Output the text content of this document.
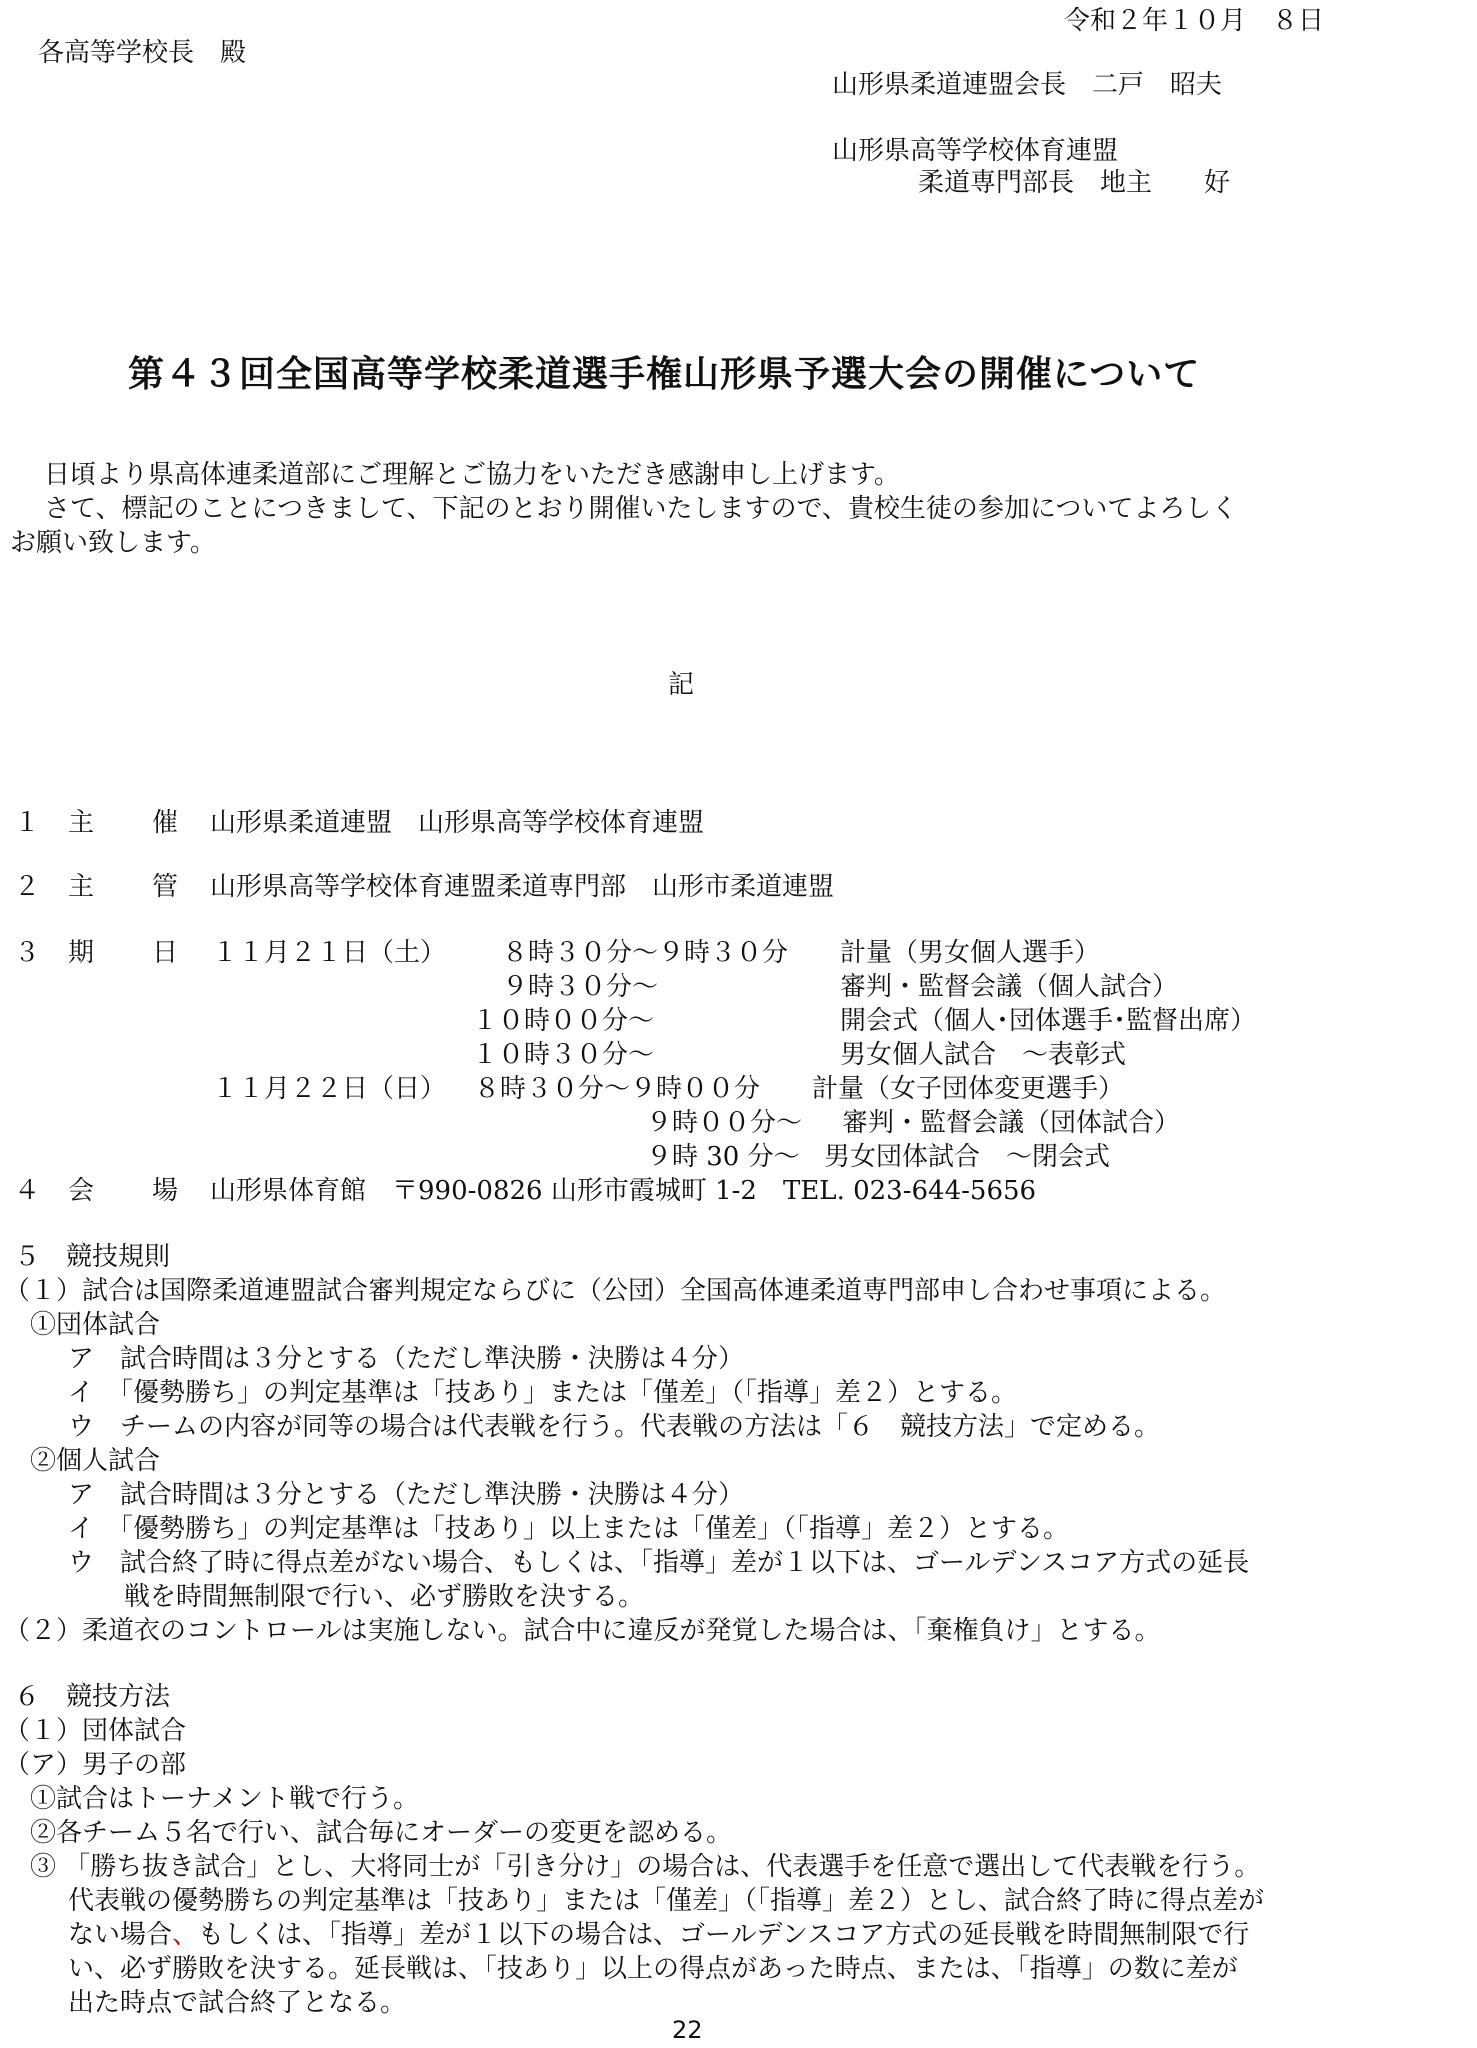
令和２年１０月　８日
各高等学校長　殿
山形県柔道連盟会長　二戸　昭夫
山形県高等学校体育連盟
柔道専門部長　地主　　好
第４３回全国高等学校柔道選手権山形県予選大会の開催について
日頃より県高体連柔道部にご理解とご協力をいただき感謝申し上げます。
さて、標記のことにつきまして、下記のとおり開催いたしますので、貴校生徒の参加についてよろしく
お願い致します。
記
１ 主 催 山形県柔道連盟　山形県高等学校体育連盟
２ 主 管 山形県高等学校体育連盟柔道専門部　山形市柔道連盟
３ 期 日 １１月２１日（土） ８時３０分～９時３０分 計量（男女個人選手）
９時３０分～	審判・監督会議（個人試合）
１０時００分～	開会式（個人･団体選手･監督出席）
１０時３０分～	男女個人試合　～表彰式
１１月２２日（日） ８時３０分～９時００分 計量（女子団体変更選手）
９時００分～ 審判・監督会議（団体試合）
９時 30 分～ 男女団体試合　～閉会式
４ 会 場 山形県体育館　〒990-0826 山形市霞城町 1-2　TEL. 023-644-5656
５　競技規則
（１）試合は国際柔道連盟試合審判規定ならびに（公団）全国高体連柔道専門部申し合わせ事項による。
①団体試合
ア　試合時間は３分とする（ただし準決勝・決勝は４分）
イ　「優勢勝ち」の判定基準は「技あり」または「僅差」（「指導」差２）とする。
ウ　チームの内容が同等の場合は代表戦を行う。代表戦の方法は「６　競技方法」で定める。
②個人試合
ア　試合時間は３分とする（ただし準決勝・決勝は４分）
イ　「優勢勝ち」の判定基準は「技あり」以上または「僅差」（「指導」差２）とする。
ウ　試合終了時に得点差がない場合、もしくは、「指導」差が１以下は、ゴールデンスコア方式の延長
戦を時間無制限で行い、必ず勝敗を決する。
（２）柔道衣のコントロールは実施しない。試合中に違反が発覚した場合は、「棄権負け」とする。
６　競技方法
（１）団体試合
（ア）男子の部
①試合はトーナメント戦で行う。
②各チーム５名で行い、試合毎にオーダーの変更を認める。
③ 「勝ち抜き試合」とし、大将同士が「引き分け」の場合は、代表選手を任意で選出して代表戦を行う。
代表戦の優勢勝ちの判定基準は「技あり」または「僅差」（「指導」差２）とし、試合終了時に得点差が
ない場合、もしくは、「指導」差が１以下の場合は、ゴールデンスコア方式の延長戦を時間無制限で行
い、必ず勝敗を決する。延長戦は、「技あり」以上の得点があった時点、または、「指導」の数に差が
出た時点で試合終了となる。
22
